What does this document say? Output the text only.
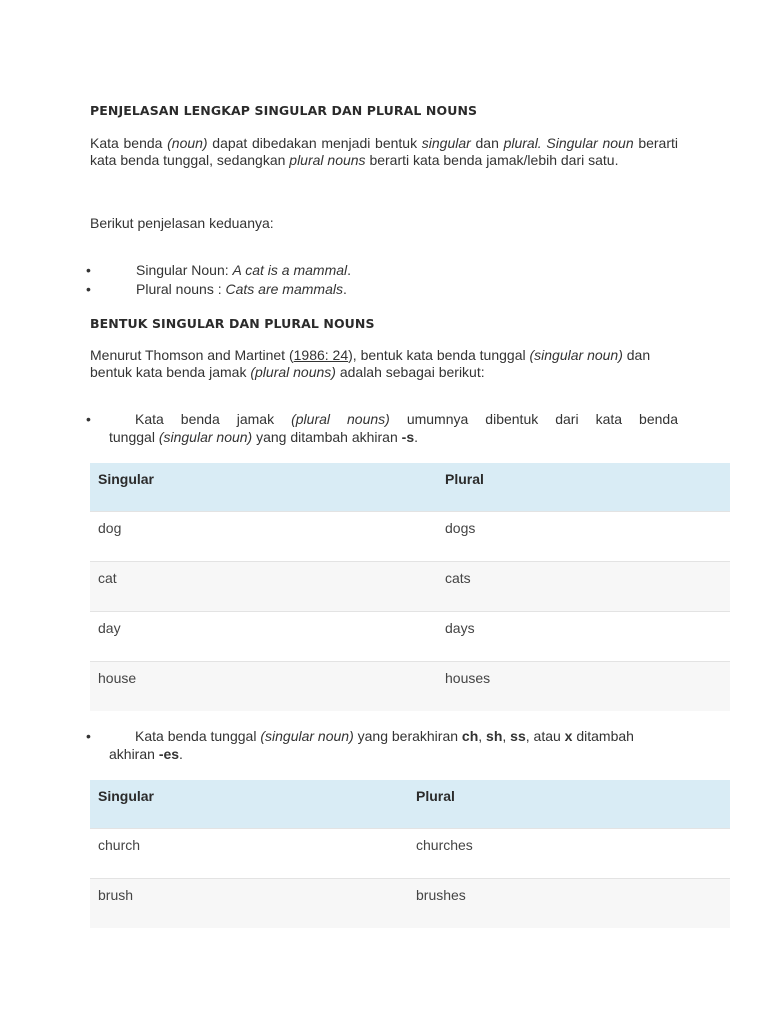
PENJELASAN LENGKAP SINGULAR DAN PLURAL NOUNS
Kata benda (noun) dapat dibedakan menjadi bentuk singular dan plural. Singular noun berarti kata benda tunggal, sedangkan plural nouns berarti kata benda jamak/lebih dari satu.
Berikut penjelasan keduanya:
•	Singular Noun: A cat is a mammal.
•	Plural nouns : Cats are mammals.
BENTUK SINGULAR DAN PLURAL NOUNS
Menurut Thomson and Martinet (1986: 24), bentuk kata benda tunggal (singular noun) dan bentuk kata benda jamak (plural nouns) adalah sebagai berikut:
•	Kata benda jamak (plural nouns) umumnya dibentuk dari kata benda
tunggal (singular noun) yang ditambah akhiran -s.
Singular	Plural
dog	dogs
cat	cats
day	days
house	houses
•	Kata benda tunggal (singular noun) yang berakhiran ch, sh, ss, atau x ditambah
akhiran -es.
Singular	Plural
church	churches
brush	brushes
